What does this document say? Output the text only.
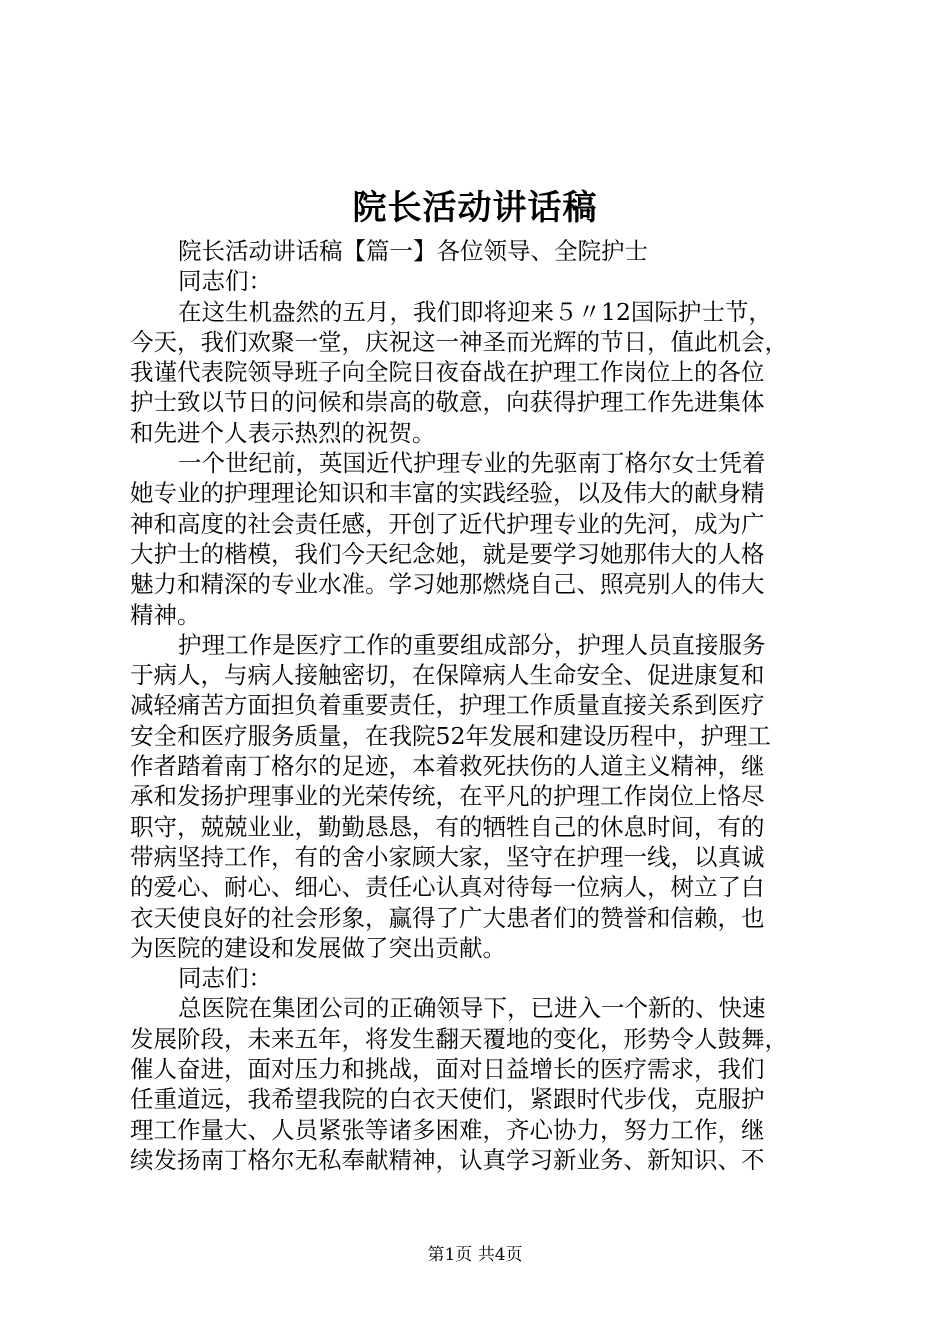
院长活动讲话稿
院长活动讲话稿【篇一】各位领导、全院护士
同志们：
在这生机盎然的五月，我们即将迎来５〃12国际护士节，
今天，我们欢聚一堂，庆祝这一神圣而光辉的节日，值此机会，
我谨代表院领导班子向全院日夜奋战在护理工作岗位上的各位
护士致以节日的问候和崇高的敬意，向获得护理工作先进集体
和先进个人表示热烈的祝贺。
一个世纪前，英国近代护理专业的先驱南丁格尔女士凭着
她专业的护理理论知识和丰富的实践经验，以及伟大的献身精
神和高度的社会责任感，开创了近代护理专业的先河，成为广
大护士的楷模，我们今天纪念她，就是要学习她那伟大的人格
魅力和精深的专业水准。学习她那燃烧自己、照亮别人的伟大
精神。
护理工作是医疗工作的重要组成部分，护理人员直接服务
于病人，与病人接触密切，在保障病人生命安全、促进康复和
减轻痛苦方面担负着重要责任，护理工作质量直接关系到医疗
安全和医疗服务质量，在我院52年发展和建设历程中，护理工
作者踏着南丁格尔的足迹，本着救死扶伤的人道主义精神，继
承和发扬护理事业的光荣传统，在平凡的护理工作岗位上恪尽
职守，兢兢业业，勤勤恳恳，有的牺牲自己的休息时间，有的
带病坚持工作，有的舍小家顾大家，坚守在护理一线，以真诚
的爱心、耐心、细心、责任心认真对待每一位病人，树立了白
衣天使良好的社会形象，赢得了广大患者们的赞誉和信赖，也
为医院的建设和发展做了突出贡献。
同志们：
总医院在集团公司的正确领导下，已进入一个新的、快速
发展阶段，未来五年，将发生翻天覆地的变化，形势令人鼓舞，
催人奋进，面对压力和挑战，面对日益增长的医疗需求，我们
任重道远，我希望我院的白衣天使们，紧跟时代步伐，克服护
理工作量大、人员紧张等诸多困难，齐心协力，努力工作，继
续发扬南丁格尔无私奉献精神，认真学习新业务、新知识、不
第1页 共4页
